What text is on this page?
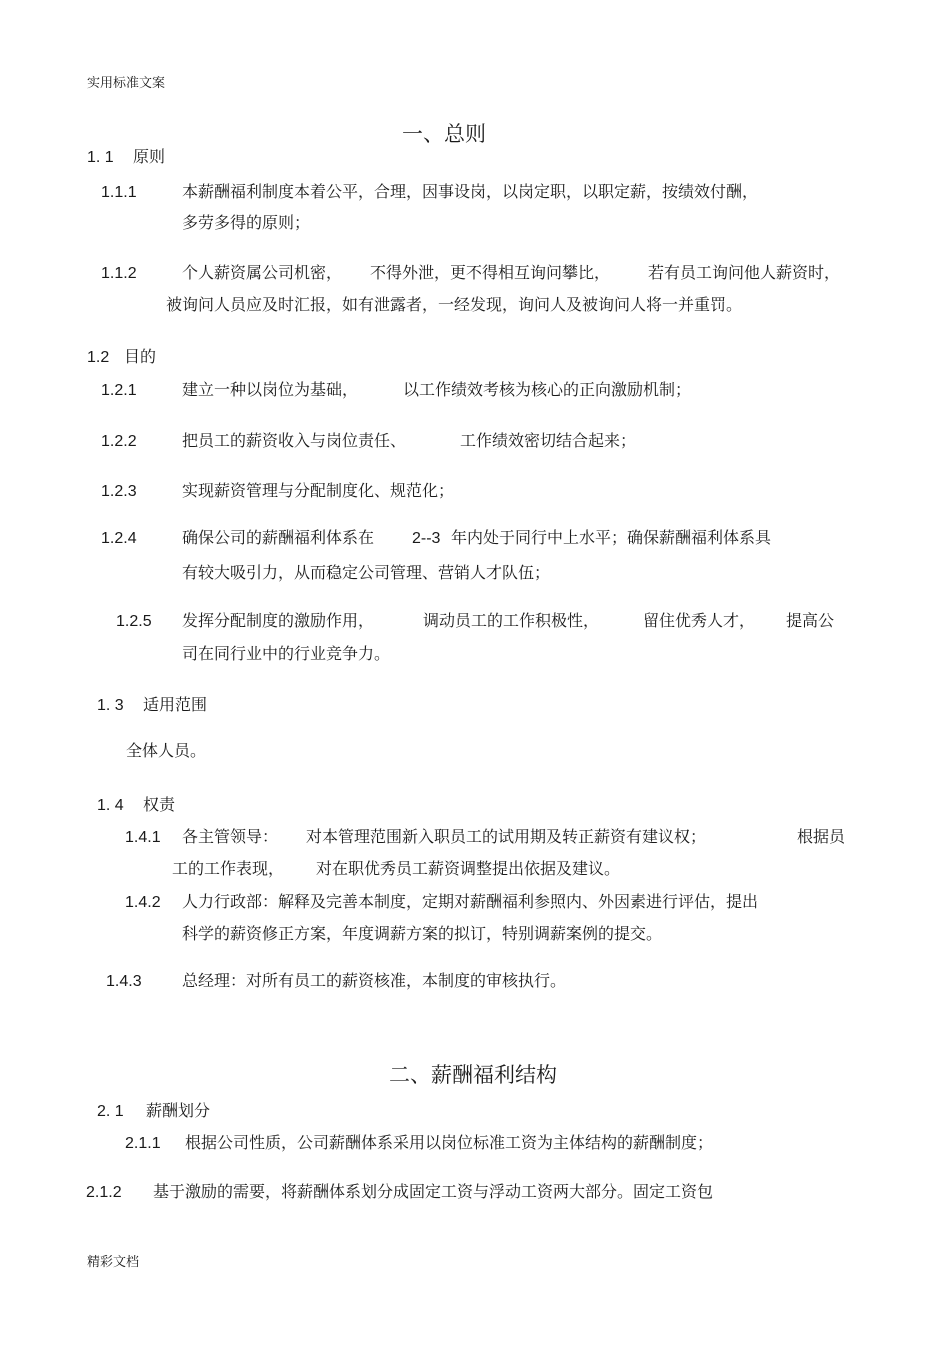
实用标准文案
一、总则
1. 1 原则
1.1.1	本薪酬福利制度本着公平，合理，因事设岗，以岗定职，以职定薪，按绩效付酬，
多劳多得的原则；
1.1.2	个人薪资属公司机密， 不得外泄，更不得相互询问攀比， 若有员工询问他人薪资时，
被询问人员应及时汇报，如有泄露者，一经发现，询问人及被询问人将一并重罚。
1.2 目的
1.2.1	建立一种以岗位为基础，	以工作绩效考核为核心的正向激励机制；
1.2.2	把员工的薪资收入与岗位责任、	工作绩效密切结合起来；
1.2.3	实现薪资管理与分配制度化、规范化；
1.2.4	确保公司的薪酬福利体系在 2--3 年内处于同行中上水平；确保薪酬福利体系具
有较大吸引力，从而稳定公司管理、营销人才队伍；
1.2.5 发挥分配制度的激励作用，	调动员工的工作积极性，	留住优秀人才， 提高公
司在同行业中的行业竞争力。
1. 3 适用范围
全体人员。
1. 4 权责
1.4.1 各主管领导： 对本管理范围新入职员工的试用期及转正薪资有建议权；	根据员
工的工作表现， 对在职优秀员工薪资调整提出依据及建议。
1.4.2 人力行政部：解释及完善本制度，定期对薪酬福利参照内、外因素进行评估，提出
科学的薪资修正方案，年度调薪方案的拟订，特别调薪案例的提交。
1.4.3	总经理：对所有员工的薪资核准，本制度的审核执行。
二、薪酬福利结构
2. 1 薪酬划分
2.1.1 根据公司性质，公司薪酬体系采用以岗位标准工资为主体结构的薪酬制度；
2.1.2 基于激励的需要，将薪酬体系划分成固定工资与浮动工资两大部分。固定工资包
精彩文档
